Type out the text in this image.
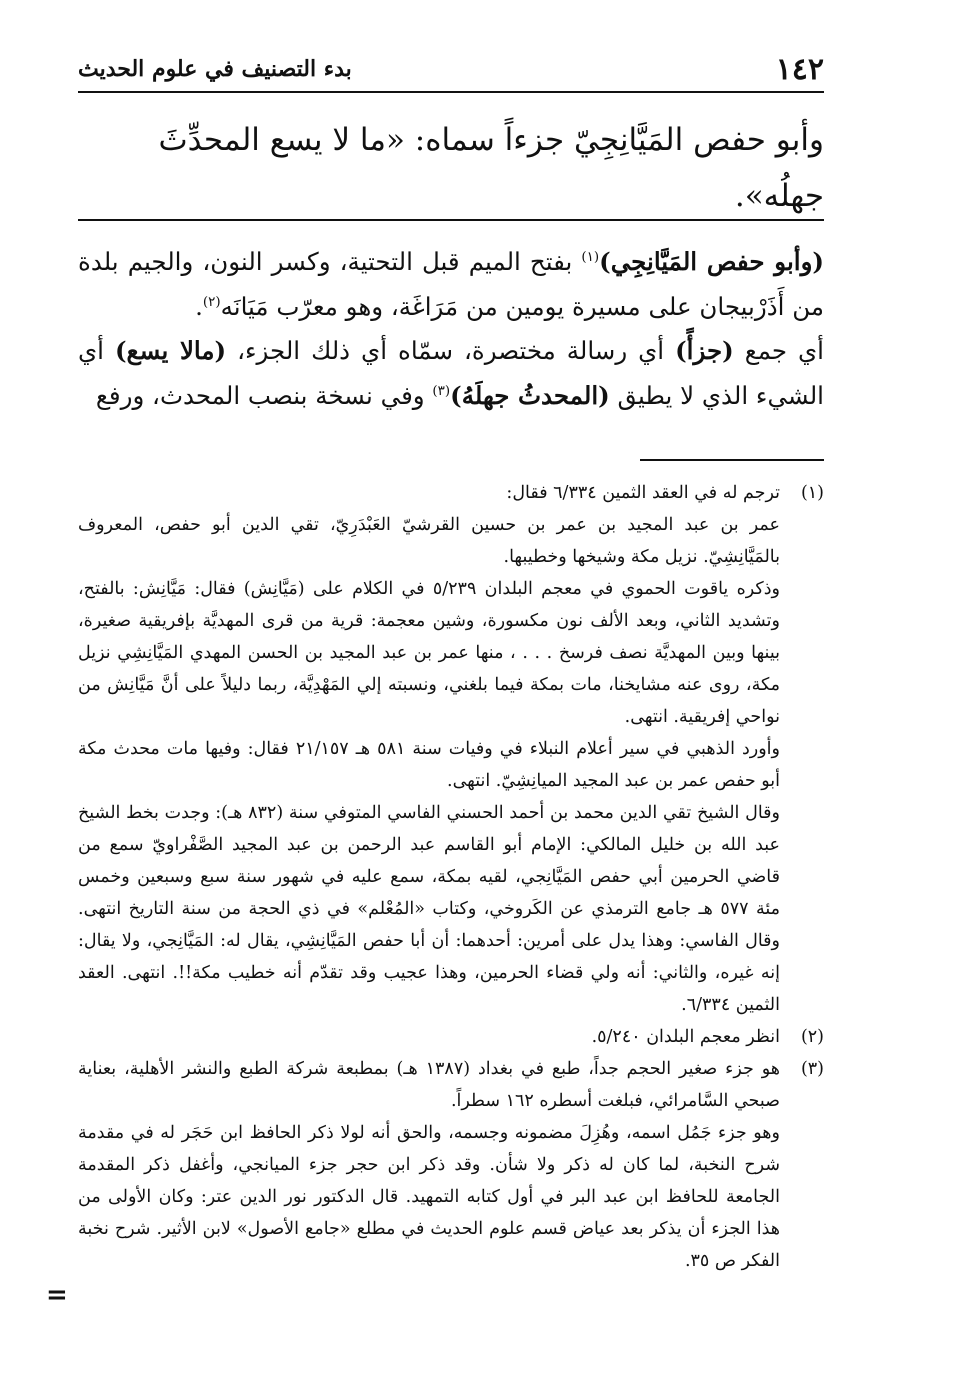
١٤٢
بدء التصنيف في علوم الحديث
وأبو حفص المَيَّانِجِيّ جزءاً سماه: «ما لا يسع المحدِّثَ جهلُه».

(وأبو حفص المَيَّانِجِي)$^{(١)}$ بفتح الميم قبل التحتية، وكسر النون، والجيم بلدة من أَذَرْبيجان على مسيرة يومين من مَرَاغَة، وهو معرّب مَيَانَه$^{(٢)}$.

أي جمع (جزأً) أي رسالة مختصرة، سمّاه أي ذلك الجزء، (مالا يسع) أي الشيء الذي لا يطيق (المحدثُ جهلَهُ)$^{(٣)}$ وفي نسخة بنصب المحدث، ورفع

(١)

ترجم له في العقد الثمين ٦/٣٣٤ فقال:

عمر بن عبد المجيد بن عمر بن حسين القرشيّ العَبْدَرِيّ، تقي الدين أبو حفص، المعروف بالمَيَّانِشِيّ. نزيل مكة وشيخها وخطيبها.

وذكره ياقوت الحموي في معجم البلدان ٥/٢٣٩ في الكلام على (مَيَّانِش) فقال: مَيَّانِش: بالفتح، وتشديد الثاني، وبعد الألف نون مكسورة، وشين معجمة: قرية من قرى المهديَّة بإفريقية صغيرة، بينها وبين المهديَّة نصف فرسخ . . . ، منها عمر بن عبد المجيد بن الحسن المهدي المَيَّانِشِي نزيل مكة، روى عنه مشايخنا، مات بمكة فيما بلغني، ونسبته إلي المَهْدِيَّة، ربما دليلاً على أنَّ مَيَّانِش من نواحي إفريقية. انتهى.

وأورد الذهبي في سير أعلام النبلاء في وفيات سنة ٥٨١ هـ ٢١/١٥٧ فقال: وفيها مات محدث مكة أبو حفص عمر بن عبد المجيد الميانِشِيّ. انتهى.

وقال الشيخ تقي الدين محمد بن أحمد الحسني الفاسي المتوفي سنة (٨٣٢ هـ): وجدت بخط الشيخ عبد الله بن خليل المالكي: الإمام أبو القاسم عبد الرحمن بن عبد المجيد الصَّفْراويّ سمع من قاضي الحرمين أبي حفص المَيَّانِجي، لقيه بمكة، سمع عليه في شهور سنة سبع وسبعين وخمس مئة ٥٧٧ هـ جامع الترمذي عن الكَروخي، وكتاب «المُعْلم» في ذي الحجة من سنة التاريخ انتهى. وقال الفاسي: وهذا يدل على أمرين: أحدهما: أن أبا حفص المَيَّانِشِي، يقال له: المَيَّانِجي، ولا يقال: إنه غيره، والثاني: أنه ولي قضاء الحرمين، وهذا عجيب وقد تقدّم أنه خطيب مكة!!. انتهى. العقد الثمين ٦/٣٣٤.

(٢)

انظر معجم البلدان ٥/٢٤٠.

(٣)

هو جزء صغير الحجم جداً، طبع في بغداد (١٣٨٧ هـ) بمطبعة شركة الطبع والنشر الأهلية، بعناية صبحي السَّامرائي، فبلغت أسطره ١٦٢ سطراً.

وهو جزء جَمُل اسمه، وهُزِلَ مضمونه وجسمه، والحق أنه لولا ذكر الحافظ ابن حَجَر له في مقدمة شرح النخبة، لما كان له ذكر ولا شأن. وقد ذكر ابن حجر جزء الميانجي، وأغفل ذكر المقدمة الجامعة للحافظ ابن عبد البر في أول كتابه التمهيد. قال الدكتور نور الدين عتر: وكان الأولى من هذا الجزء أن يذكر بعد عياض قسم علوم الحديث في مطلع «جامع الأصول» لابن الأثير. شرح نخبة الفكر ص ٣٥.

=
